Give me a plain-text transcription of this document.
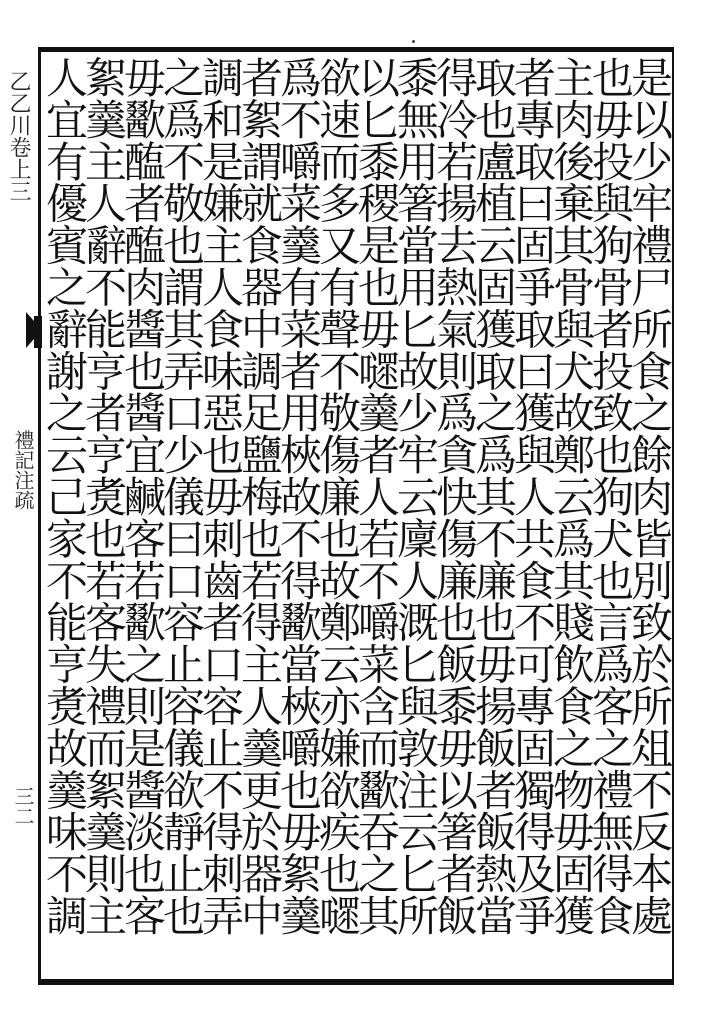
乙乙川卷上三
禮記注疏
三二	是以少牢禮尸所食之餘肉皆別致於所俎不反本處
也毋投與狗骨者投致也狗犬也言爲客之禮無得食
主肉後棄其骨與犬故鄭云爲其賤飲食之物毋固獲
者專取曰固爭取曰獲與人共食不可專固獨得及爭
取也盧植云固獲取之爲其不廉也毋揚飯者飯熱當
得冷若揚去熱氣則爲貪快傷廉也飯黍毋以箸者飯
黍無用箸當用匕故少牢云廩人溉匕與敦注云匕所
以匕黍稷是也毋嚃羹者人若不嚼菜含而歠吞之其
欲速而多又有聲不敬傷廉也故鄭云亦嫌欲疾也嚃
爲不嚼菜羹有菜者用梜故不得歠當梜嚼也毋絮羹
者絮謂就食器中調足鹽梅也若得主人羹更於器中
調和是嫌主人食味惡也毋刺齒者口容止不得刺弄
之爲不敬也謂其弄口少儀曰口容止容儀欲靜止也
毋歠醢者醢肉醬也醬宜鹹客若歠之則是醬淡也客
絮羹主人辭不能亨者亨煑也若客失禮而絮羹則主
人宜有優賓之辭謝之云己家不能亨煑故羹味不調
